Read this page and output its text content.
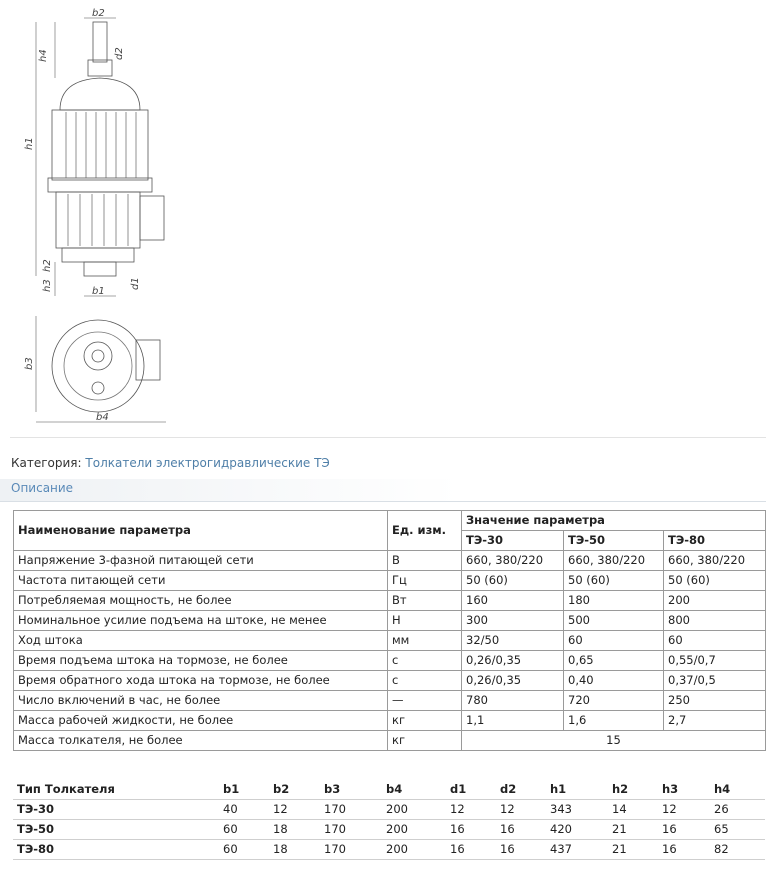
b2
h4	d2
h1
h2
h3	b1
d1
b3
b4
Категория: Толкатели электрогидравлические ТЭ
Описание
Наименование параметра	Ед. изм.	Значение параметра		
		ТЭ-30	ТЭ-50	ТЭ-80
Напряжение 3-фазной питающей сети	В	660, 380/220	660, 380/220	660, 380/220
Частота питающей сети	Гц	50 (60)	50 (60)	50 (60)
Потребляемая мощность, не более	Вт	160	180	200
Номинальное усилие подъема на штоке, не менее	Н	300	500	800
Ход штока	мм	32/50	60	60
Время подъема штока на тормозе, не более	с	0,26/0,35	0,65	0,55/0,7
Время обратного хода штока на тормозе, не более	с	0,26/0,35	0,40	0,37/0,5
Число включений в час, не более	—	780	720	250
Масса рабочей жидкости, не более	кг	1,1	1,6	2,7
Масса толкателя, не более	кг	15		
Тип Толкателя	b1	b2	b3	b4	d1	d2	h1	h2	h3	h4
ТЭ-30	40	12	170	200	12	12	343	14	12	26
ТЭ-50	60	18	170	200	16	16	420	21	16	65
ТЭ-80	60	18	170	200	16	16	437	21	16	82
